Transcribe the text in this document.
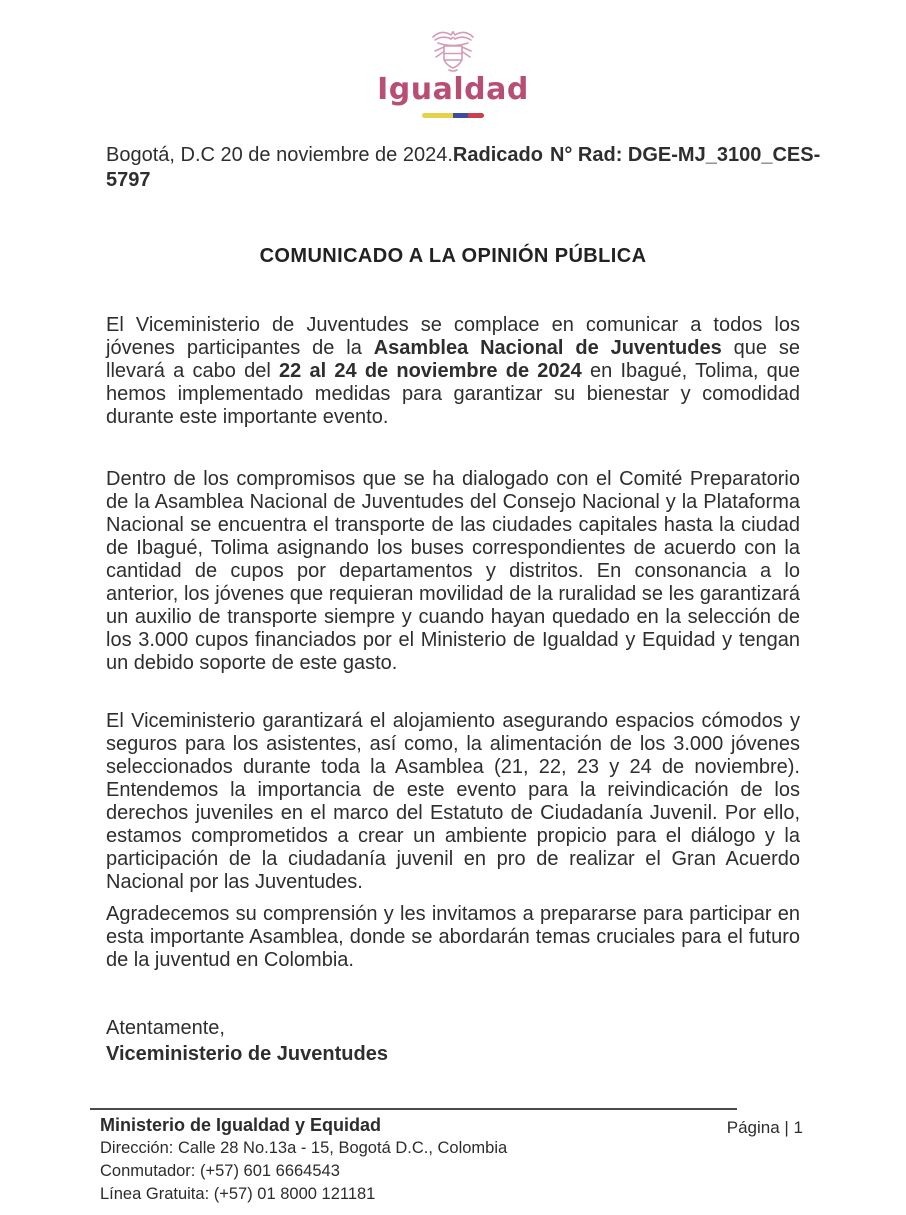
Igualdad
Bogotá, D.C 20 de noviembre de 2024. Radicado N° Rad: DGE-MJ_3100_CES-
5797
COMUNICADO A LA OPINIÓN PÚBLICA

El Viceministerio de Juventudes se complace en comunicar a todos los jóvenes participantes de la Asamblea Nacional de Juventudes que se llevará a cabo del 22 al 24 de noviembre de 2024 en Ibagué, Tolima, que hemos implementado medidas para garantizar su bienestar y comodidad durante este importante evento.

Dentro de los compromisos que se ha dialogado con el Comité Preparatorio de la Asamblea Nacional de Juventudes del Consejo Nacional y la Plataforma Nacional se encuentra el transporte de las ciudades capitales hasta la ciudad de Ibagué, Tolima asignando los buses correspondientes de acuerdo con la cantidad de cupos por departamentos y distritos. En consonancia a lo anterior, los jóvenes que requieran movilidad de la ruralidad se les garantizará un auxilio de transporte siempre y cuando hayan quedado en la selección de los 3.000 cupos financiados por el Ministerio de Igualdad y Equidad y tengan un debido soporte de este gasto.

El Viceministerio garantizará el alojamiento asegurando espacios cómodos y seguros para los asistentes, así como, la alimentación de los 3.000 jóvenes seleccionados durante toda la Asamblea (21, 22, 23 y 24 de noviembre). Entendemos la importancia de este evento para la reivindicación de los derechos juveniles en el marco del Estatuto de Ciudadanía Juvenil. Por ello, estamos comprometidos a crear un ambiente propicio para el diálogo y la participación de la ciudadanía juvenil en pro de realizar el Gran Acuerdo Nacional por las Juventudes.

Agradecemos su comprensión y les invitamos a prepararse para participar en esta importante Asamblea, donde se abordarán temas cruciales para el futuro de la juventud en Colombia.

Atentamente,
Viceministerio de Juventudes
Ministerio de Igualdad y Equidad
Dirección: Calle 28 No.13a - 15, Bogotá D.C., Colombia
Conmutador: (+57) 601 6664543
Línea Gratuita: (+57) 01 8000 121181
Página | 1
